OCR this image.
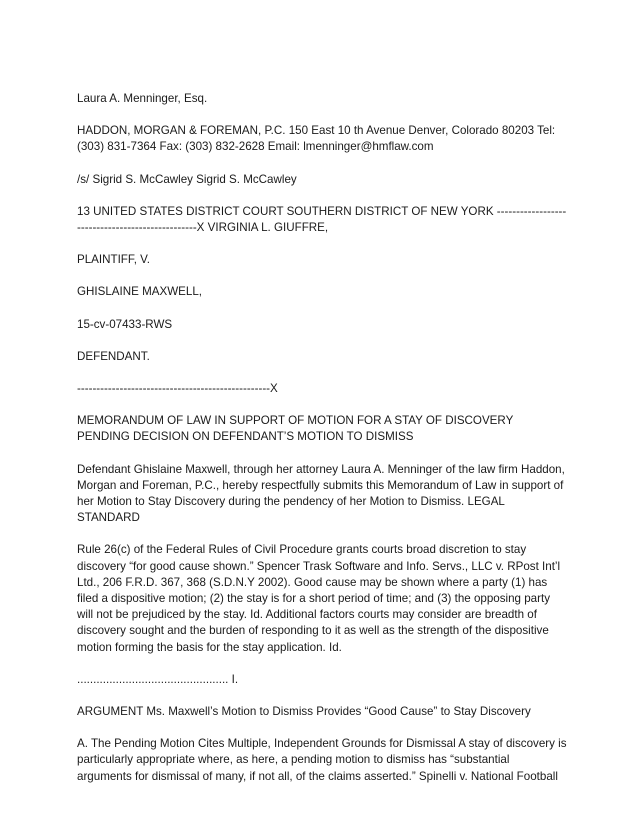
Laura A. Menninger, Esq.

HADDON, MORGAN & FOREMAN, P.C. 150 East 10 th Avenue Denver, Colorado 80203 Tel: (303) 831-7364 Fax: (303) 832-2628 Email: lmenninger@hmflaw.com

/s/ Sigrid S. McCawley Sigrid S. McCawley

13 UNITED STATES DISTRICT COURT SOUTHERN DISTRICT OF NEW YORK -------------------------------------------------X VIRGINIA L. GIUFFRE,

PLAINTIFF, V.

GHISLAINE MAXWELL,

15-cv-07433-RWS

DEFENDANT.

--------------------------------------------------X

MEMORANDUM OF LAW IN SUPPORT OF MOTION FOR A STAY OF DISCOVERY PENDING DECISION ON DEFENDANT’S MOTION TO DISMISS

Defendant Ghislaine Maxwell, through her attorney Laura A. Menninger of the law firm Haddon, Morgan and Foreman, P.C., hereby respectfully submits this Memorandum of Law in support of her Motion to Stay Discovery during the pendency of her Motion to Dismiss. LEGAL STANDARD

Rule 26(c) of the Federal Rules of Civil Procedure grants courts broad discretion to stay discovery “for good cause shown.” Spencer Trask Software and Info. Servs., LLC v. RPost Int’l Ltd., 206 F.R.D. 367, 368 (S.D.N.Y 2002). Good cause may be shown where a party (1) has filed a dispositive motion; (2) the stay is for a short period of time; and (3) the opposing party will not be prejudiced by the stay. Id. Additional factors courts may consider are breadth of discovery sought and the burden of responding to it as well as the strength of the dispositive motion forming the basis for the stay application. Id.

............................................... I.

ARGUMENT Ms. Maxwell’s Motion to Dismiss Provides “Good Cause” to Stay Discovery

A. The Pending Motion Cites Multiple, Independent Grounds for Dismissal A stay of discovery is particularly appropriate where, as here, a pending motion to dismiss has “substantial arguments for dismissal of many, if not all, of the claims asserted.” Spinelli v. National Football
